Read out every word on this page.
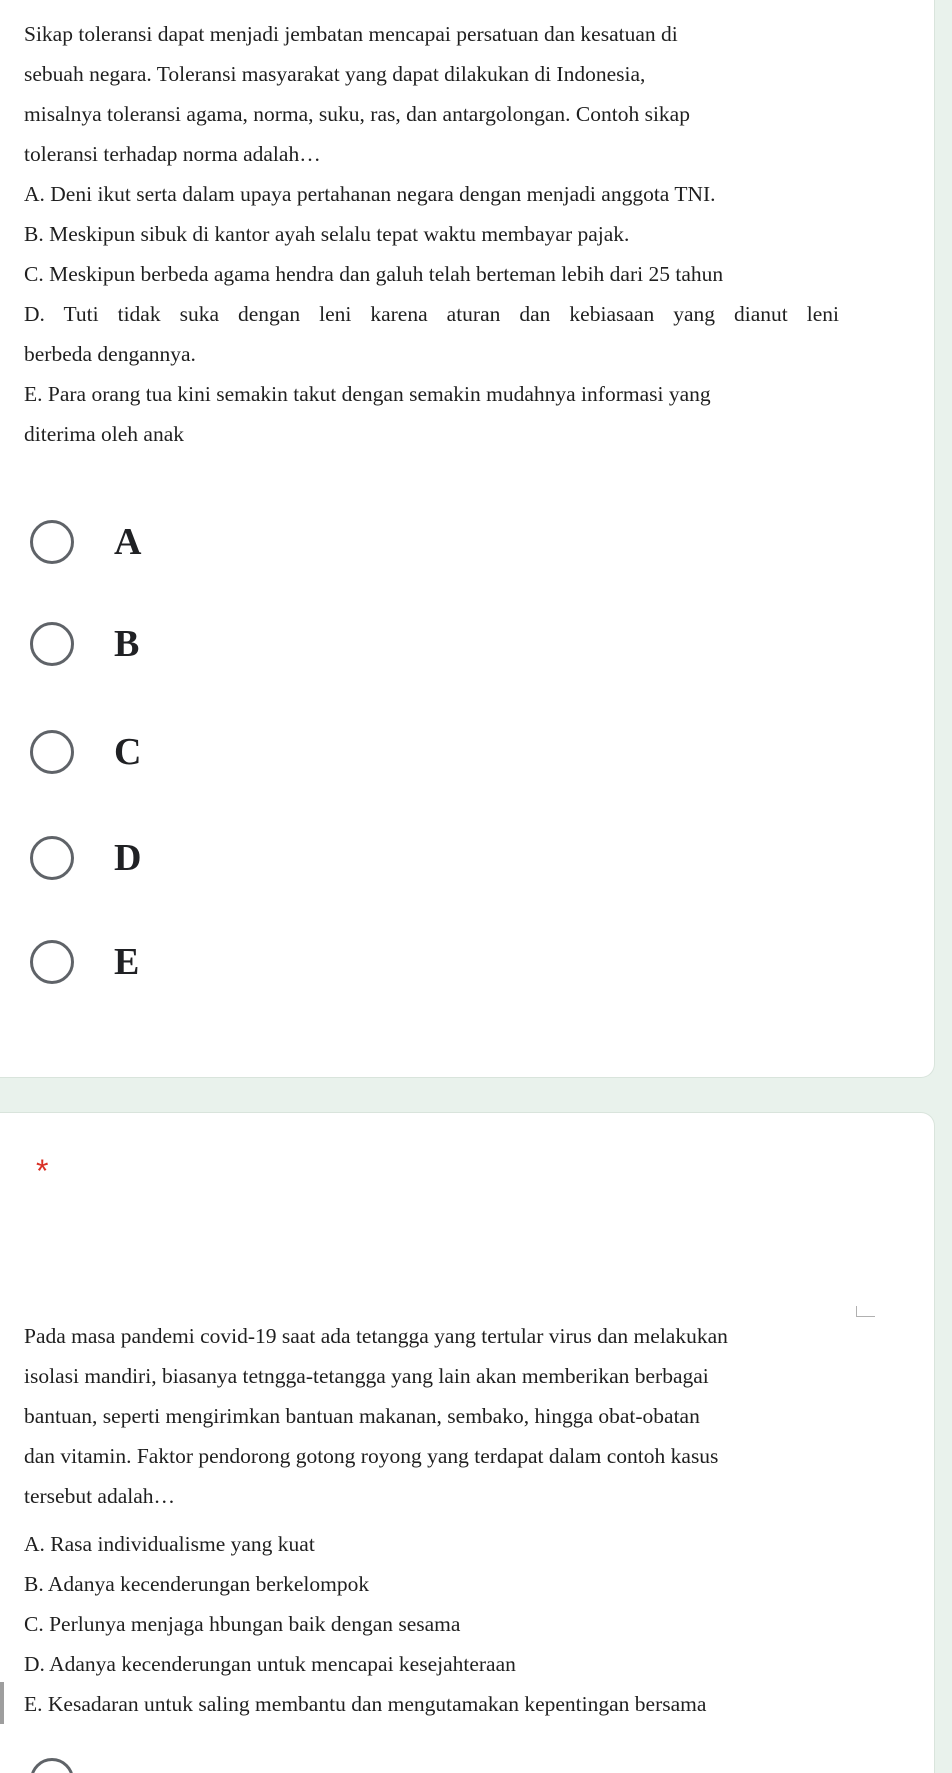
Sikap toleransi dapat menjadi jembatan mencapai persatuan dan kesatuan di
sebuah negara. Toleransi masyarakat yang dapat dilakukan di Indonesia,
misalnya toleransi agama, norma, suku, ras, dan antargolongan. Contoh sikap
toleransi terhadap norma adalah…
A. Deni ikut serta dalam upaya pertahanan negara dengan menjadi anggota TNI.
B. Meskipun sibuk di kantor ayah selalu tepat waktu membayar pajak.
C. Meskipun berbeda agama hendra dan galuh telah berteman lebih dari 25 tahun
D. Tuti tidak suka dengan leni karena aturan dan kebiasaan yang dianut leni
berbeda dengannya.
E. Para orang tua kini semakin takut dengan semakin mudahnya informasi yang
diterima oleh anak
A
B
C
D
E
*
Pada masa pandemi covid-19 saat ada tetangga yang tertular virus dan melakukan
isolasi mandiri, biasanya tetngga-tetangga yang lain akan memberikan berbagai
bantuan, seperti mengirimkan bantuan makanan, sembako, hingga obat-obatan
dan vitamin. Faktor pendorong gotong royong yang terdapat dalam contoh kasus
tersebut adalah…
A. Rasa individualisme yang kuat
B. Adanya kecenderungan berkelompok
C. Perlunya menjaga hbungan baik dengan sesama
D. Adanya kecenderungan untuk mencapai kesejahteraan
E. Kesadaran untuk saling membantu dan mengutamakan kepentingan bersama
